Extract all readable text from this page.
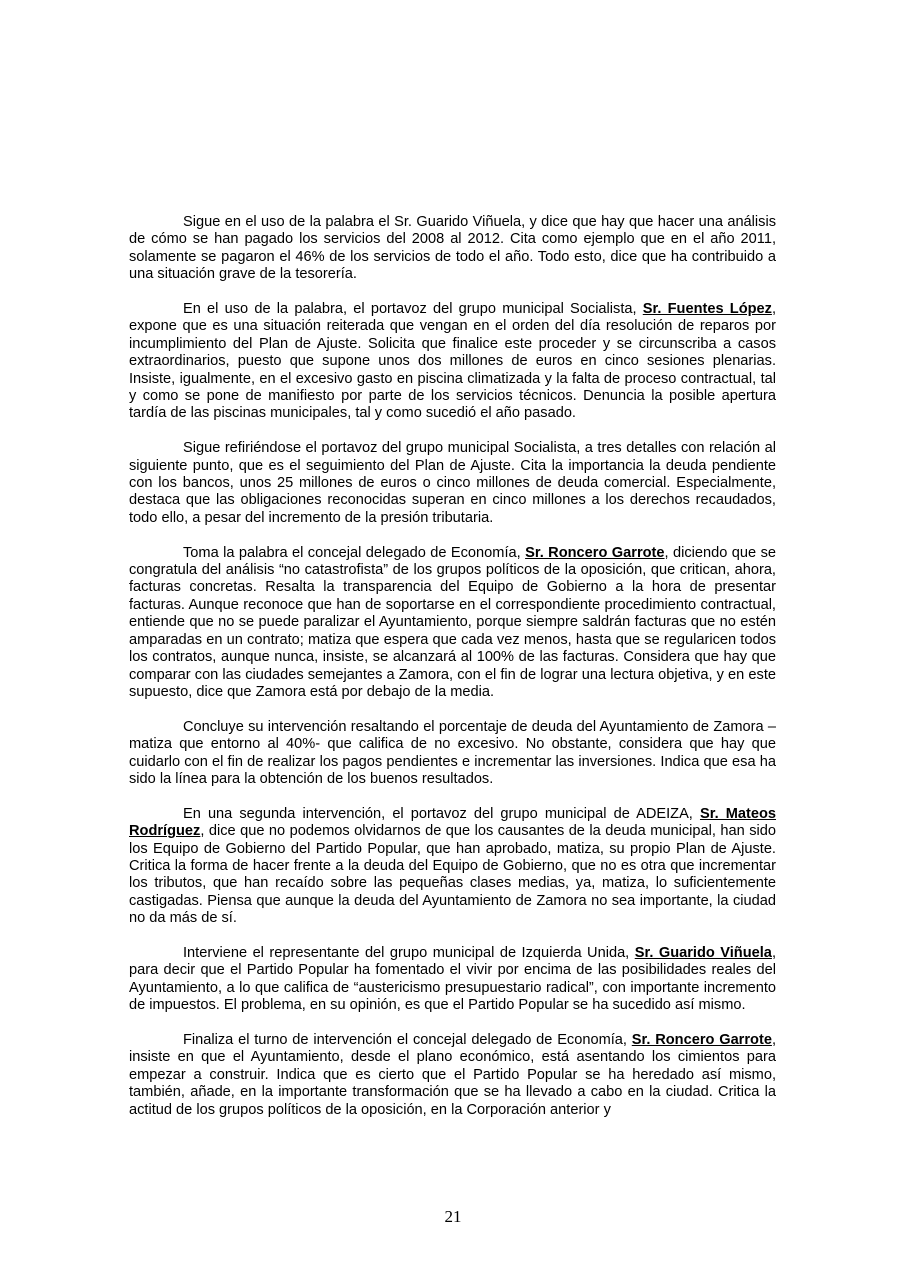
Sigue en el uso de la palabra el Sr. Guarido Viñuela, y dice que hay que hacer una análisis de cómo se han pagado los servicios del 2008 al 2012. Cita como ejemplo que en el año 2011, solamente se pagaron el 46% de los servicios de todo el año. Todo esto, dice que ha contribuido a una situación grave de la tesorería.

En el uso de la palabra, el portavoz del grupo municipal Socialista, Sr. Fuentes López, expone que es una situación reiterada que vengan en el orden del día resolución de reparos por incumplimiento del Plan de Ajuste. Solicita que finalice este proceder y se circunscriba a casos extraordinarios, puesto que supone unos dos millones de euros en cinco sesiones plenarias. Insiste, igualmente, en el excesivo gasto en piscina climatizada y la falta de proceso contractual, tal y como se pone de manifiesto por parte de los servicios técnicos. Denuncia la posible apertura tardía de las piscinas municipales, tal y como sucedió el año pasado.

Sigue refiriéndose el portavoz del grupo municipal Socialista, a tres detalles con relación al siguiente punto, que es el seguimiento del Plan de Ajuste. Cita la importancia la deuda pendiente con los bancos, unos 25 millones de euros o cinco millones de deuda comercial. Especialmente, destaca que las obligaciones reconocidas superan en cinco millones a los derechos recaudados, todo ello, a pesar del incremento de la presión tributaria.

Toma la palabra el concejal delegado de Economía, Sr. Roncero Garrote, diciendo que se congratula del análisis “no catastrofista” de los grupos políticos de la oposición, que critican, ahora, facturas concretas. Resalta la transparencia del Equipo de Gobierno a la hora de presentar facturas. Aunque reconoce que han de soportarse en el correspondiente procedimiento contractual, entiende que no se puede paralizar el Ayuntamiento, porque siempre saldrán facturas que no estén amparadas en un contrato; matiza que espera que cada vez menos, hasta que se regularicen todos los contratos, aunque nunca, insiste, se alcanzará al 100% de las facturas. Considera que hay que comparar con las ciudades semejantes a Zamora, con el fin de lograr una lectura objetiva, y en este supuesto, dice que Zamora está por debajo de la media.

Concluye su intervención resaltando el porcentaje de deuda del Ayuntamiento de Zamora –matiza que entorno al 40%- que califica de no excesivo. No obstante, considera que hay que cuidarlo con el fin de realizar los pagos pendientes e incrementar las inversiones. Indica que esa ha sido la línea para la obtención de los buenos resultados.

En una segunda intervención, el portavoz del grupo municipal de ADEIZA, Sr. Mateos Rodríguez, dice que no podemos olvidarnos de que los causantes de la deuda municipal, han sido los Equipo de Gobierno del Partido Popular, que han aprobado, matiza, su propio Plan de Ajuste. Critica la forma de hacer frente a la deuda del Equipo de Gobierno, que no es otra que incrementar los tributos, que han recaído sobre las pequeñas clases medias, ya, matiza, lo suficientemente castigadas. Piensa que aunque la deuda del Ayuntamiento de Zamora no sea importante, la ciudad no da más de sí.

Interviene el representante del grupo municipal de Izquierda Unida, Sr. Guarido Viñuela, para decir que el Partido Popular ha fomentado el vivir por encima de las posibilidades reales del Ayuntamiento, a lo que califica de “austericismo presupuestario radical”, con importante incremento de impuestos. El problema, en su opinión, es que el Partido Popular se ha sucedido así mismo.

Finaliza el turno de intervención el concejal delegado de Economía, Sr. Roncero Garrote, insiste en que el Ayuntamiento, desde el plano económico, está asentando los cimientos para empezar a construir. Indica que es cierto que el Partido Popular se ha heredado así mismo, también, añade, en la importante transformación que se ha llevado a cabo en la ciudad. Critica la actitud de los grupos políticos de la oposición, en la Corporación anterior y

21
